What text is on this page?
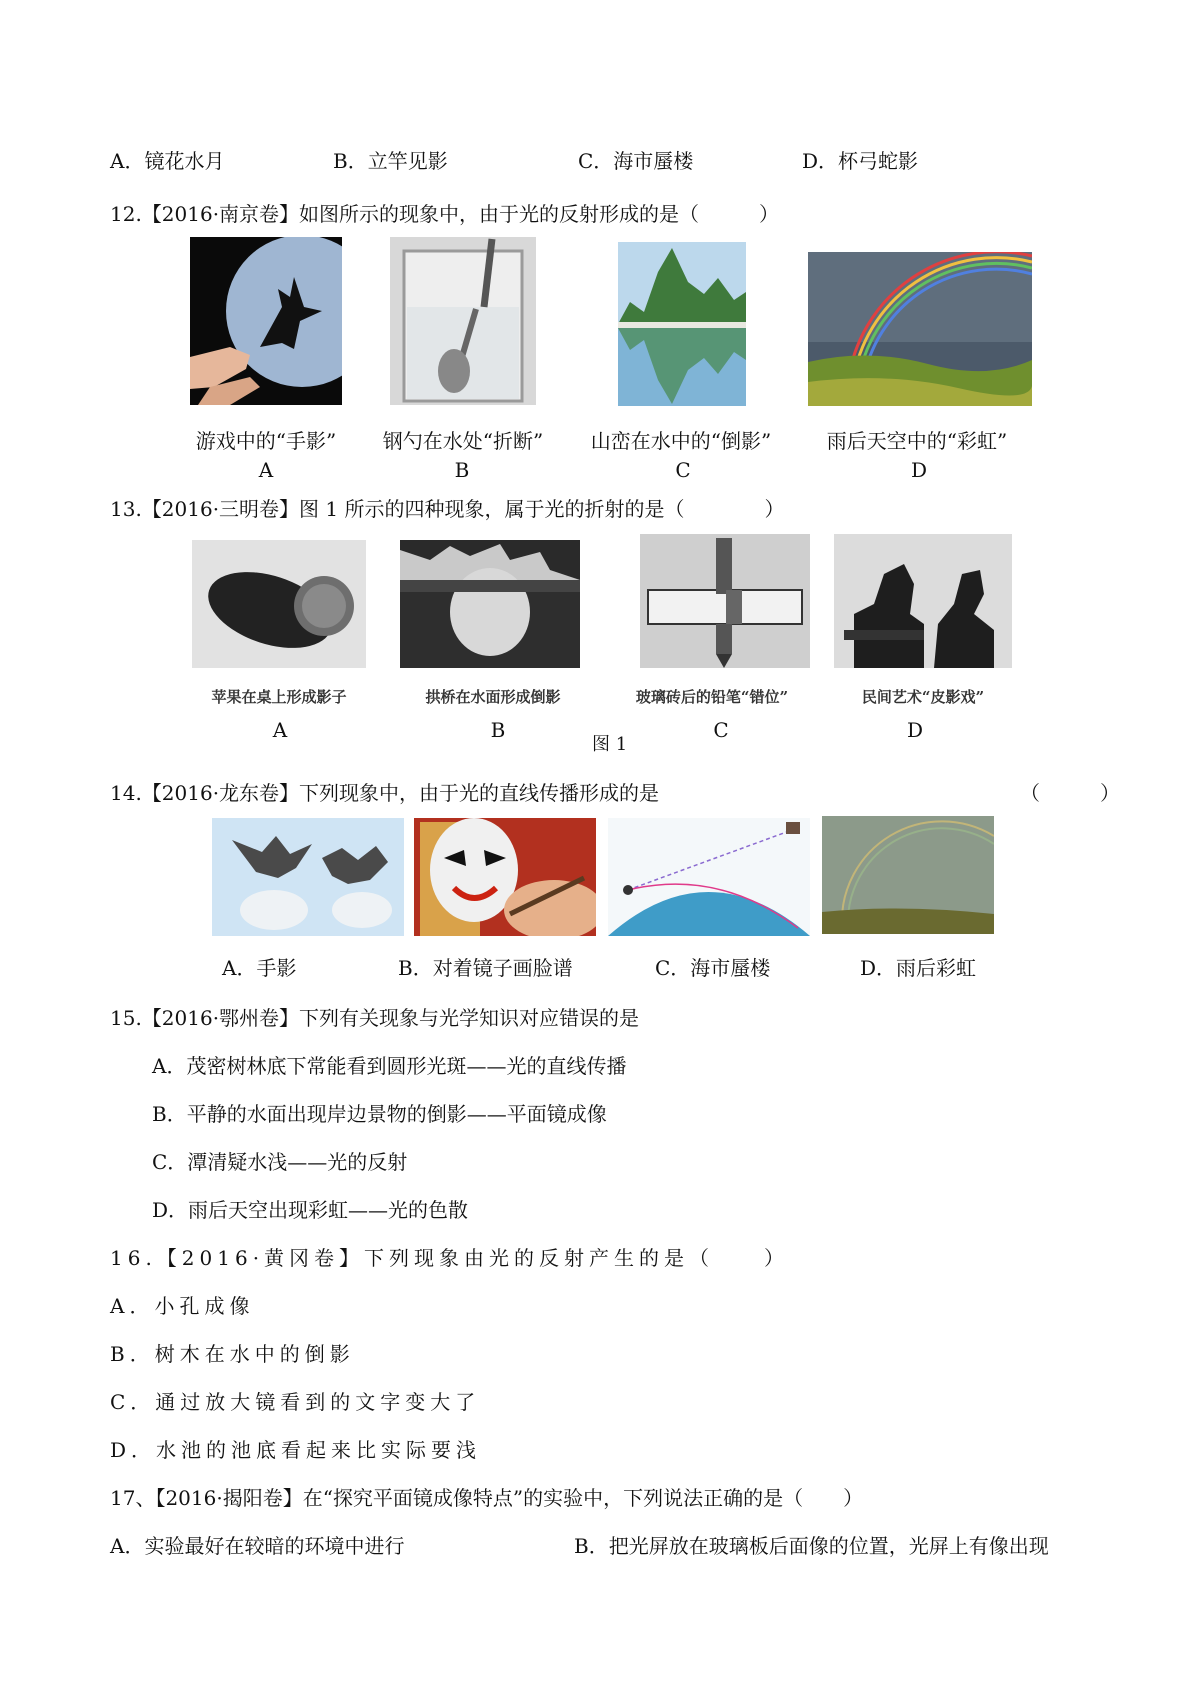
A．镜花水月	B．立竿见影	C．海市蜃楼	D．杯弓蛇影
12.【2016·南京卷】如图所示的现象中，由于光的反射形成的是（　　　）
游戏中的“手影”	钢勺在水处“折断”	山峦在水中的“倒影”	雨后天空中的“彩虹”
A	B	C	D
13.【2016·三明卷】图 1 所示的四种现象，属于光的折射的是（　　　　）
苹果在桌上形成影子	拱桥在水面形成倒影	玻璃砖后的铅笔“错位”	民间艺术“皮影戏”
A	B
图 1
C	D
14.【2016·龙东卷】下列现象中，由于光的直线传播形成的是	（　　　）
A．手影	B．对着镜子画脸谱	C．海市蜃楼	D．雨后彩虹
15.【2016·鄂州卷】下列有关现象与光学知识对应错误的是
A．茂密树林底下常能看到圆形光斑——光的直线传播
B．平静的水面出现岸边景物的倒影——平面镜成像
C．潭清疑水浅——光的反射
D．雨后天空出现彩虹——光的色散
16.【2016·黄冈卷】下列现象由光的反射产生的是（　　）
A．小孔成像
B．树木在水中的倒影
C．通过放大镜看到的文字变大了
D．水池的池底看起来比实际要浅
17、【2016·揭阳卷】在“探究平面镜成像特点”的实验中，下列说法正确的是（　　）
A．实验最好在较暗的环境中进行	B．把光屏放在玻璃板后面像的位置，光屏上有像出现
